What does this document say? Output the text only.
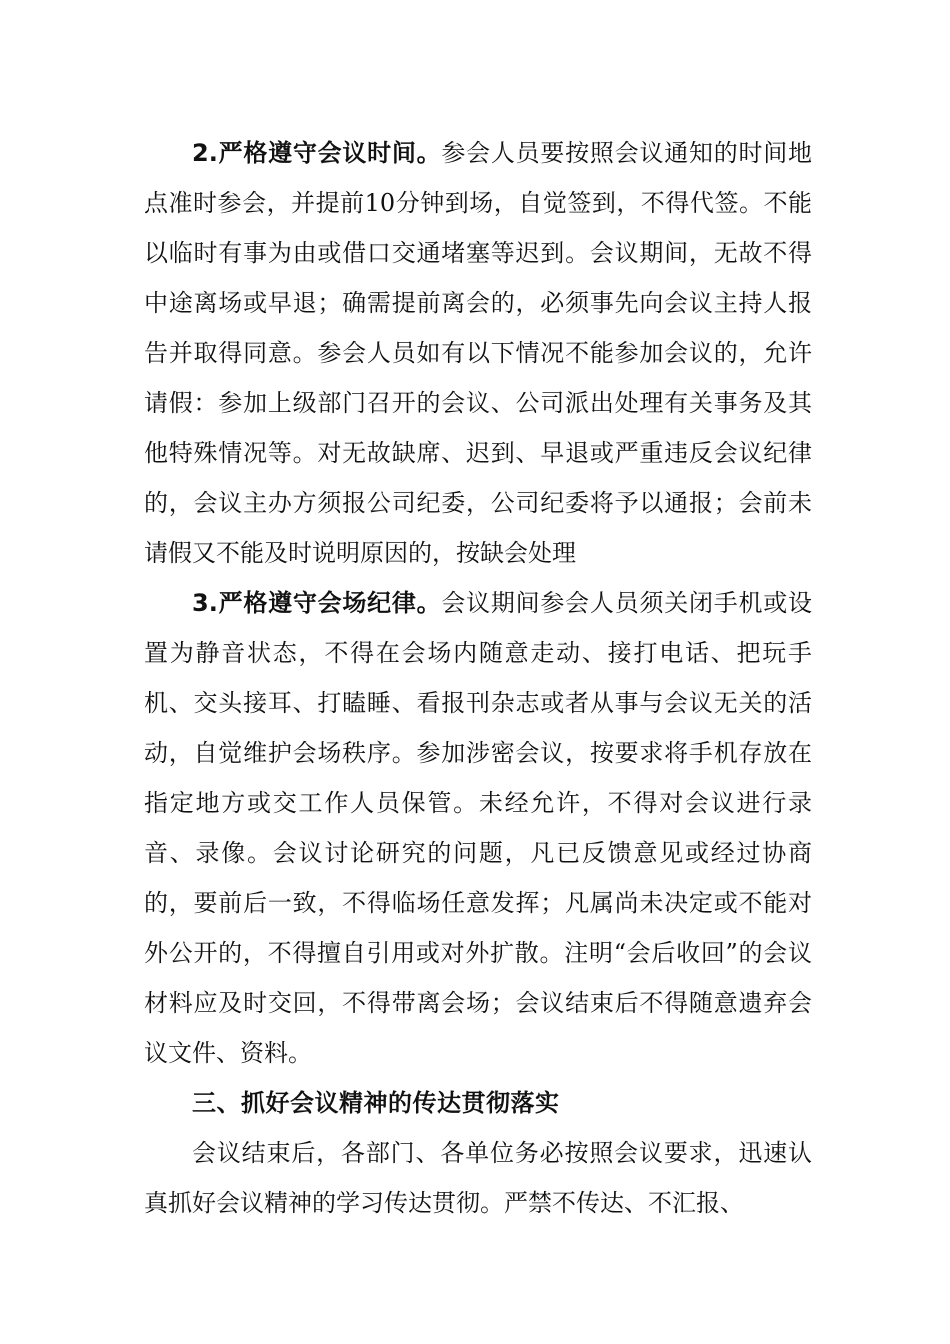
2.严格遵守会议时间。参会人员要按照会议通知的时间地点准时参会，并提前10分钟到场，自觉签到，不得代签。不能以临时有事为由或借口交通堵塞等迟到。会议期间，无故不得中途离场或早退；确需提前离会的，必须事先向会议主持人报告并取得同意。参会人员如有以下情况不能参加会议的，允许请假：参加上级部门召开的会议、公司派出处理有关事务及其他特殊情况等。对无故缺席、迟到、早退或严重违反会议纪律的，会议主办方须报公司纪委，公司纪委将予以通报；会前未请假又不能及时说明原因的，按缺会处理

3.严格遵守会场纪律。会议期间参会人员须关闭手机或设置为静音状态，不得在会场内随意走动、接打电话、把玩手机、交头接耳、打瞌睡、看报刊杂志或者从事与会议无关的活动，自觉维护会场秩序。参加涉密会议，按要求将手机存放在指定地方或交工作人员保管。未经允许，不得对会议进行录音、录像。会议讨论研究的问题，凡已反馈意见或经过协商的，要前后一致，不得临场任意发挥；凡属尚未决定或不能对外公开的，不得擅自引用或对外扩散。注明“会后收回”的会议材料应及时交回，不得带离会场；会议结束后不得随意遗弃会议文件、资料。

三、抓好会议精神的传达贯彻落实

会议结束后，各部门、各单位务必按照会议要求，迅速认真抓好会议精神的学习传达贯彻。严禁不传达、不汇报、
